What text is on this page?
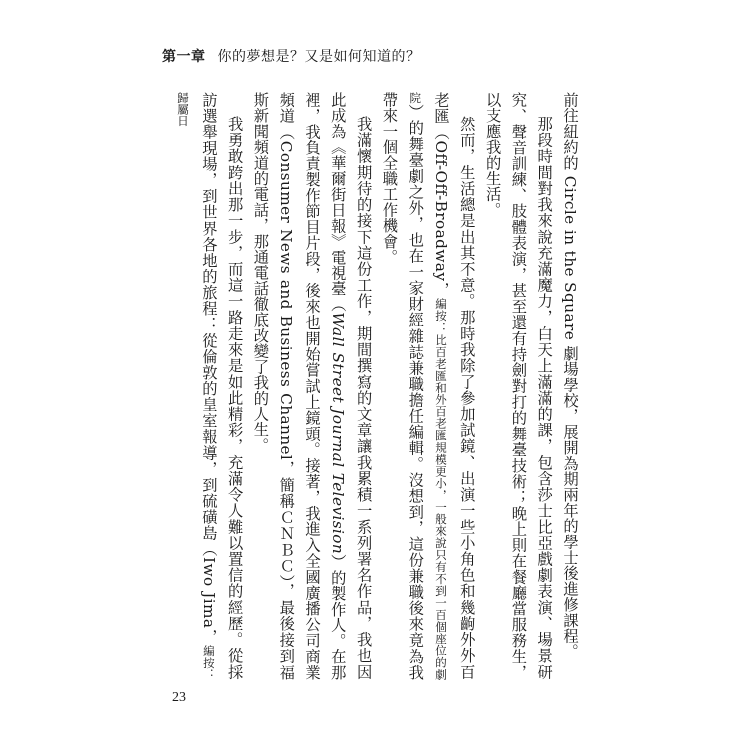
第一章 你的夢想是？又是如何知道的？

前往紐約的 Circle in the Square 劇場學校，展開為期兩年的學士後進修課程。

那段時間對我來說充滿魔力，白天上滿滿的課，包含莎士比亞戲劇表演、場景研究、聲音訓練、肢體表演，甚至還有持劍對打的舞臺技術；晚上則在餐廳當服務生，以支應我的生活。

然而，生活總是出其不意。那時我除了參加試鏡、出演一些小角色和幾齣外外百老匯（Off-Off-Broadway，編按：比百老匯和外百老匯規模更小，一般來說只有不到一百個座位的劇院）的舞臺劇之外，也在一家財經雜誌兼職擔任編輯。沒想到，這份兼職後來竟為我帶來一個全職工作機會。

我滿懷期待的接下這份工作，期間撰寫的文章讓我累積一系列署名作品，我也因此成為《華爾街日報》電視臺（Wall Street Journal Television）的製作人。在那裡，我負責製作節目片段，後來也開始嘗試上鏡頭。接著，我進入全國廣播公司商業頻道（Consumer News and Business Channel，簡稱ＣＮＢＣ），最後接到福斯新聞頻道的電話，那通電話徹底改變了我的人生。

我勇敢跨出那一步，而這一路走來是如此精彩，充滿令人難以置信的經歷。從採訪選舉現場，到世界各地的旅程：從倫敦的皇室報導，到硫磺島（Iwo Jima，編按：歸屬日

23
